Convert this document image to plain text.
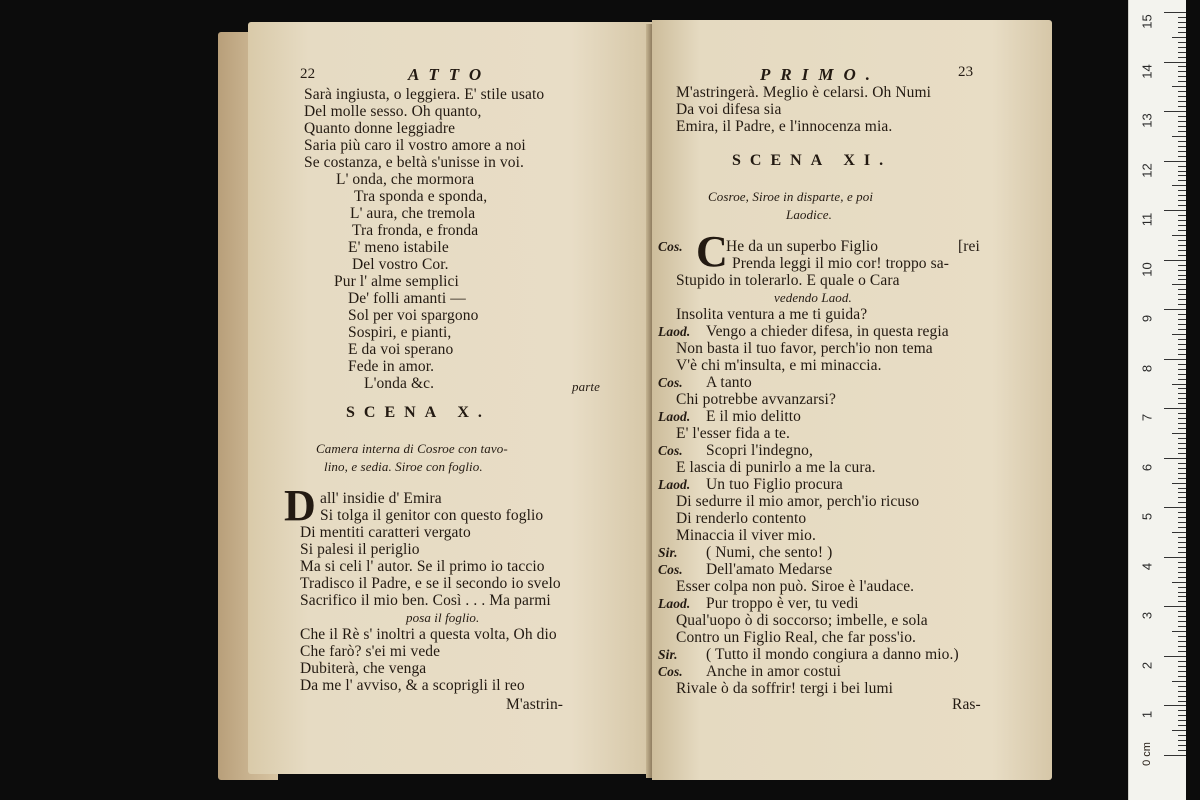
22	ATTO
Sarà ingiusta, o leggiera. E' stile usato
Del molle sesso. Oh quanto,
Quanto donne leggiadre
Saria più caro il vostro amore a noi
Se costanza, e beltà s'unisse in voi.
L' onda, che mormora
Tra sponda e sponda,
L' aura, che tremola
Tra fronda, e fronda
E' meno istabile
Del vostro Cor.
Pur l' alme semplici
De' folli amanti —
Sol per voi spargono
Sospiri, e pianti,
E da voi sperano
Fede in amor.
L'onda &c.	parte
SCENA X.
Camera interna di Cosroe con tavo-
lino, e sedia. Siroe con foglio.
D all' insidie d' Emira
Si tolga il genitor con questo foglio
Di mentiti caratteri vergato
Si palesi il periglio
Ma si celi l' autor. Se il primo io taccio
Tradisco il Padre, e se il secondo io svelo
Sacrifico il mio ben. Così . . . Ma parmi
posa il foglio.
Che il Rè s' inoltri a questa volta, Oh dio
Che farò? s'ei mi vede
Dubiterà, che venga
Da me l' avviso, & a scoprigli il reo
M'astrin-
PRIMO.	23
M'astringerà. Meglio è celarsi. Oh Numi
Da voi difesa sia
Emira, il Padre, e l'innocenza mia.
SCENA XI.
Cosroe, Siroe in disparte, e poi
Laodice.
Cos.	He da un superbo Figlio	[rei
Prenda leggi il mio cor! troppo sa-
Stupido in tolerarlo. E quale o Cara
vedendo Laod.
Insolita ventura a me ti guida?
Laod. Vengo a chieder difesa, in questa regia
Non basta il tuo favor, perch'io non tema
V'è chi m'insulta, e mi minaccia.
Cos. A tanto
Chi potrebbe avvanzarsi?
Laod. E il mio delitto
E' l'esser fida a te.
Cos. Scopri l'indegno,
E lascia di punirlo a me la cura.
Laod. Un tuo Figlio procura
Di sedurre il mio amor, perch'io ricuso
Di renderlo contento
Minaccia il viver mio.
Sir. ( Numi, che sento! )
Cos. Dell'amato Medarse
Esser colpa non può. Siroe è l'audace.
Laod. Pur troppo è ver, tu vedi
Qual'uopo ò di soccorso; imbelle, e sola
Contro un Figlio Real, che far poss'io.
Sir. ( Tutto il mondo congiura a danno mio.)
Cos. Anche in amor costui
Rivale ò da soffrir! tergi i bei lumi
C
Ras-
0 cm
15
14
13
12
11
10
9
8
7
6
5
4
3
2
1
